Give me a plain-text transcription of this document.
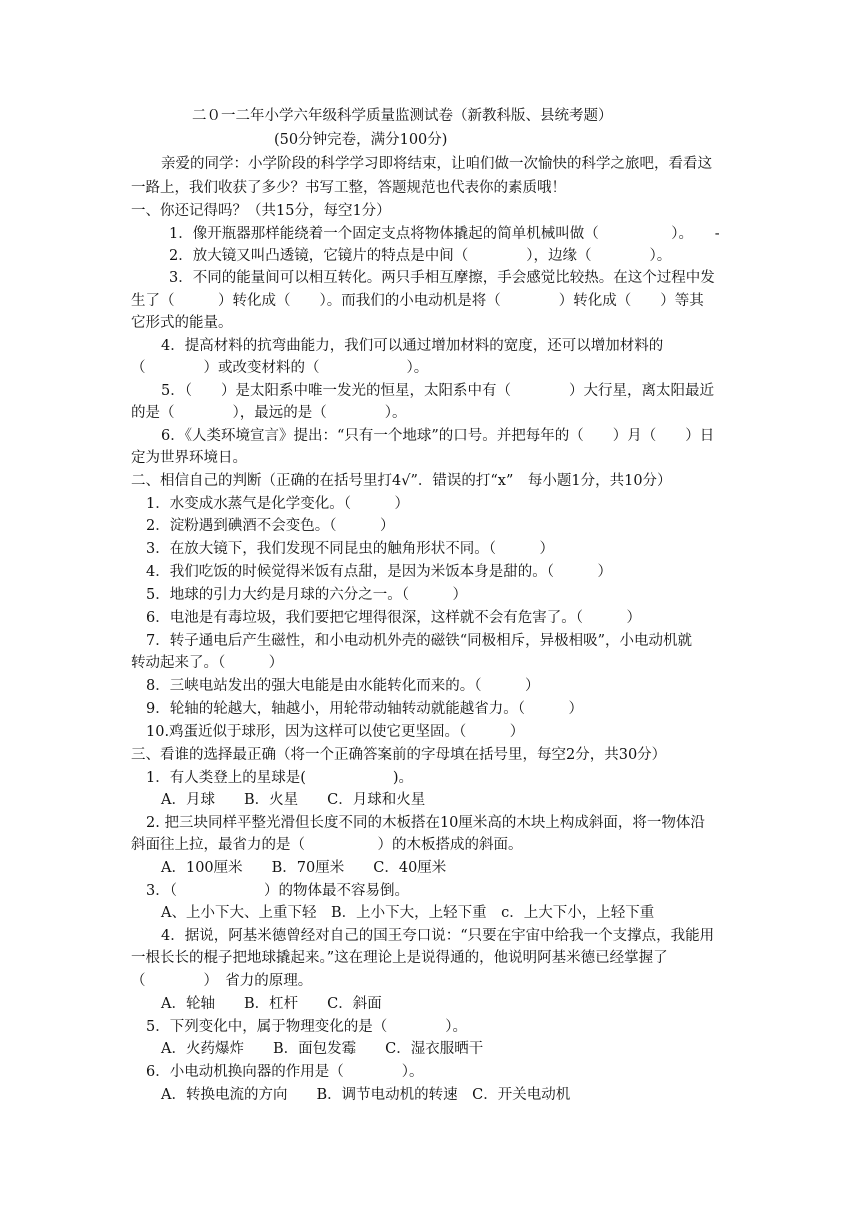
二０一二年小学六年级科学质量监测试卷（新教科版、县统考题）
(50分钟完卷，满分100分)
亲爱的同学：小学阶段的科学学习即将结束，让咱们做一次愉快的科学之旅吧，看看这
一路上，我们收获了多少？书写工整，答题规范也代表你的素质哦！
一、你还记得吗？（共15分，每空1分）
1．像开瓶器那样能绕着一个固定支点将物体撬起的简单机械叫做（　　　　　）。　　-
2．放大镜又叫凸透镜，它镜片的特点是中间（　　　　），边缘（　　　　）。
3．不同的能量间可以相互转化。两只手相互摩擦，手会感觉比较热。在这个过程中发
生了（　　　）转化成（　　）。而我们的小电动机是将（　　　　）转化成（　　）等其
它形式的能量。
4．提高材料的抗弯曲能力，我们可以通过增加材料的宽度，还可以增加材料的
（　　　　）或改变材料的（　　　　　　）。
5．（　　）是太阳系中唯一发光的恒星，太阳系中有（　　　　）大行星，离太阳最近
的是（　　　　），最远的是（　　　　）。
6．《人类环境宣言》提出：“只有一个地球”的口号。并把每年的（　　）月（　　）日
定为世界环境日。
二、相信自己的判断（正确的在括号里打4√”．错误的打“x”　每小题1分，共10分）
1．水变成水蒸气是化学变化。（　　　）
2．淀粉遇到碘酒不会变色。（　　　）
3．在放大镜下，我们发现不同昆虫的触角形状不同。（　　　）
4．我们吃饭的时候觉得米饭有点甜，是因为米饭本身是甜的。（　　　）
5．地球的引力大约是月球的六分之一。（　　　）
6．电池是有毒垃圾，我们要把它埋得很深，这样就不会有危害了。（　　　）
7．转子通电后产生磁性，和小电动机外壳的磁铁“同极相斥，异极相吸”，小电动机就
转动起来了。（　　　）
8．三峡电站发出的强大电能是由水能转化而来的。（　　　）
9．轮轴的轮越大，轴越小，用轮带动轴转动就能越省力。（　　　）
10.鸡蛋近似于球形，因为这样可以使它更坚固。（　　　）
三、看谁的选择最正确（将一个正确答案前的字母填在括号里，每空2分，共30分）
1．有人类登上的星球是(　　　　　　)。
A．月球　　B．火星　　C．月球和火星
2. 把三块同样平整光滑但长度不同的木板搭在10厘米高的木块上构成斜面，将一物体沿
斜面往上拉，最省力的是（　　　　　）的木板搭成的斜面。
A．100厘米　　B．70厘米　　C．40厘米
3．（　　　　　　）的物体最不容易倒。
A、上小下大、上重下轻　B．上小下大，上轻下重　c．上大下小，上轻下重
4．据说，阿基米德曾经对自己的国王夸口说：“只要在宇宙中给我一个支撑点，我能用
一根长长的棍子把地球撬起来。”这在理论上是说得通的，他说明阿基米德已经掌握了
（　　　　）　省力的原理。
A．轮轴　　B．杠杆　　C．斜面
5．下列变化中，属于物理变化的是（　　　　）。
A．火药爆炸　　B．面包发霉　　C．湿衣服晒干
6．小电动机换向器的作用是（　　　　）。
A．转换电流的方向　　B．调节电动机的转速　C．开关电动机
